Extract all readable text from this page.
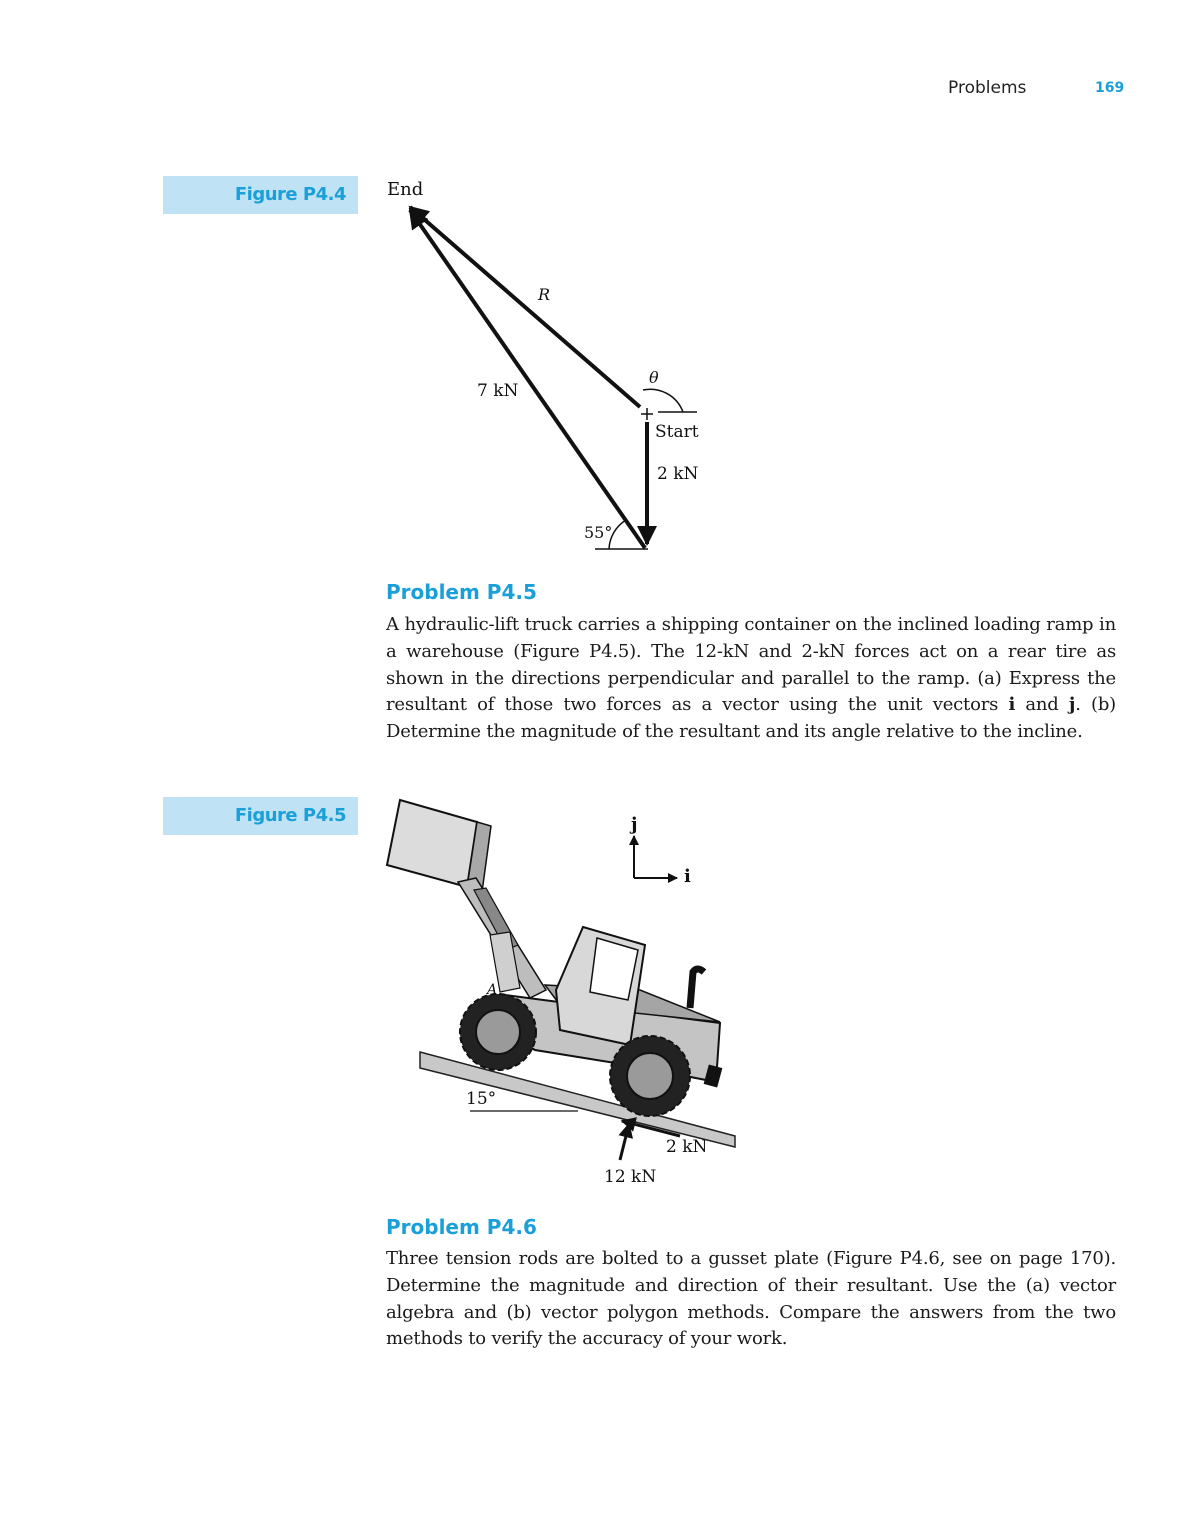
Problems	169
Figure P4.4 End
R
θ
7 kN
Start
2 kN
55°
Problem P4.5
A hydraulic-lift truck carries a shipping container on the inclined loading ramp in a warehouse (Figure P4.5). The 12-kN and 2-kN forces act on a rear tire as shown in the directions perpendicular and parallel to the ramp. (a) Express the resultant of those two forces as a vector using the unit vectors i and j. (b) Determine the magnitude of the resultant and its angle relative to the incline.
Figure P4.5	j
i
A
15°
2 kN
12 kN
Problem P4.6
Three tension rods are bolted to a gusset plate (Figure P4.6, see on page 170). Determine the magnitude and direction of their resultant. Use the (a) vector algebra and (b) vector polygon methods. Compare the answers from the two methods to verify the accuracy of your work.
